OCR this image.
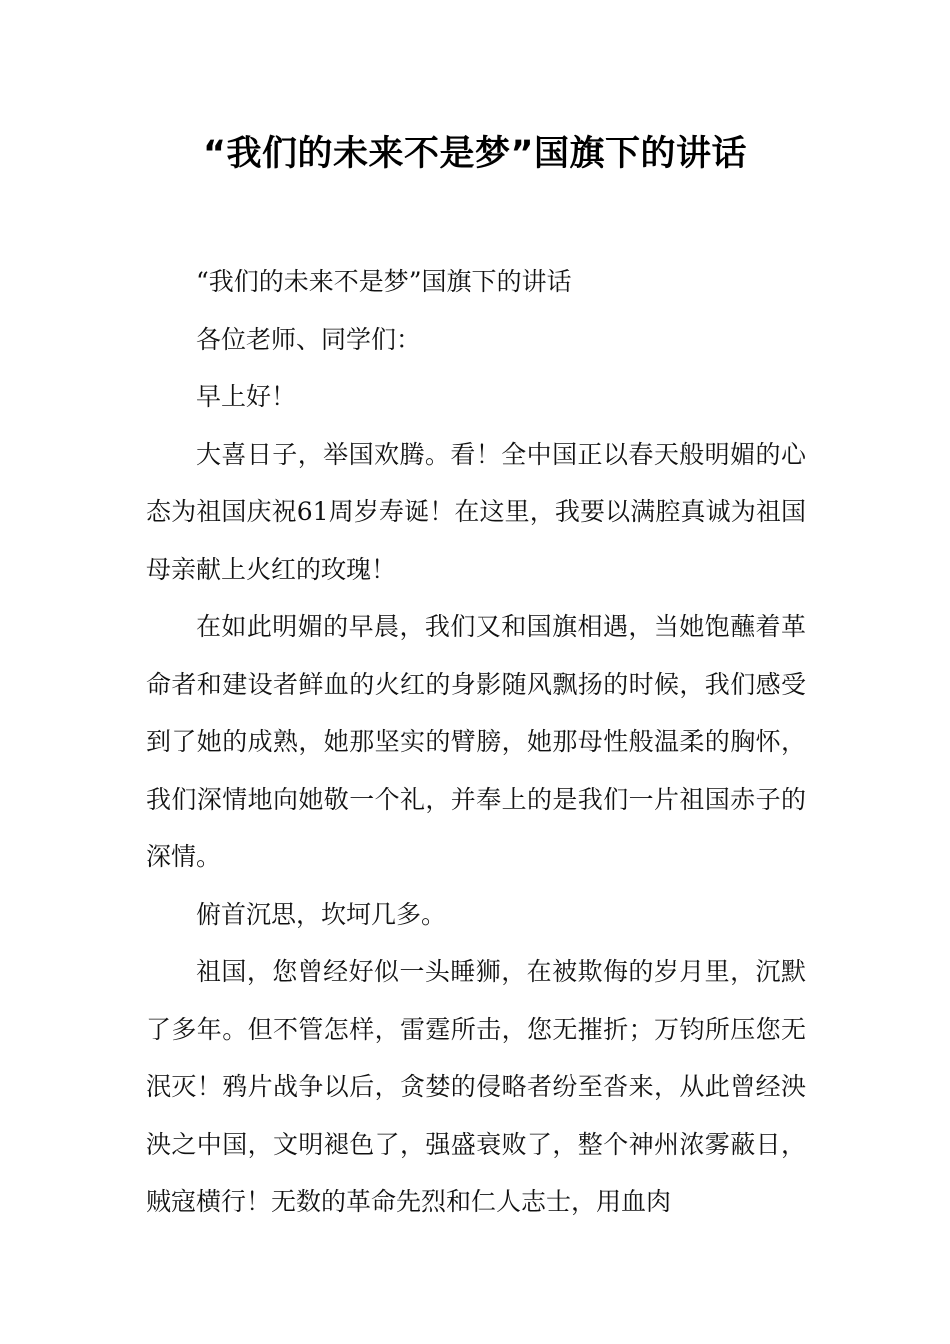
“我们的未来不是梦”国旗下的讲话

“我们的未来不是梦”国旗下的讲话

各位老师、同学们：

早上好！

大喜日子，举国欢腾。看！全中国正以春天般明媚的心态为祖国庆祝61周岁寿诞！在这里，我要以满腔真诚为祖国母亲献上火红的玫瑰！

在如此明媚的早晨，我们又和国旗相遇，当她饱蘸着革命者和建设者鲜血的火红的身影随风飘扬的时候，我们感受到了她的成熟，她那坚实的臂膀，她那母性般温柔的胸怀，我们深情地向她敬一个礼，并奉上的是我们一片祖国赤子的深情。

俯首沉思，坎坷几多。

祖国，您曾经好似一头睡狮，在被欺侮的岁月里，沉默了多年。但不管怎样，雷霆所击，您无摧折；万钧所压您无泯灭！鸦片战争以后，贪婪的侵略者纷至沓来，从此曾经泱泱之中国，文明褪色了，强盛衰败了，整个神州浓雾蔽日，贼寇横行！无数的革命先烈和仁人志士，用血肉
